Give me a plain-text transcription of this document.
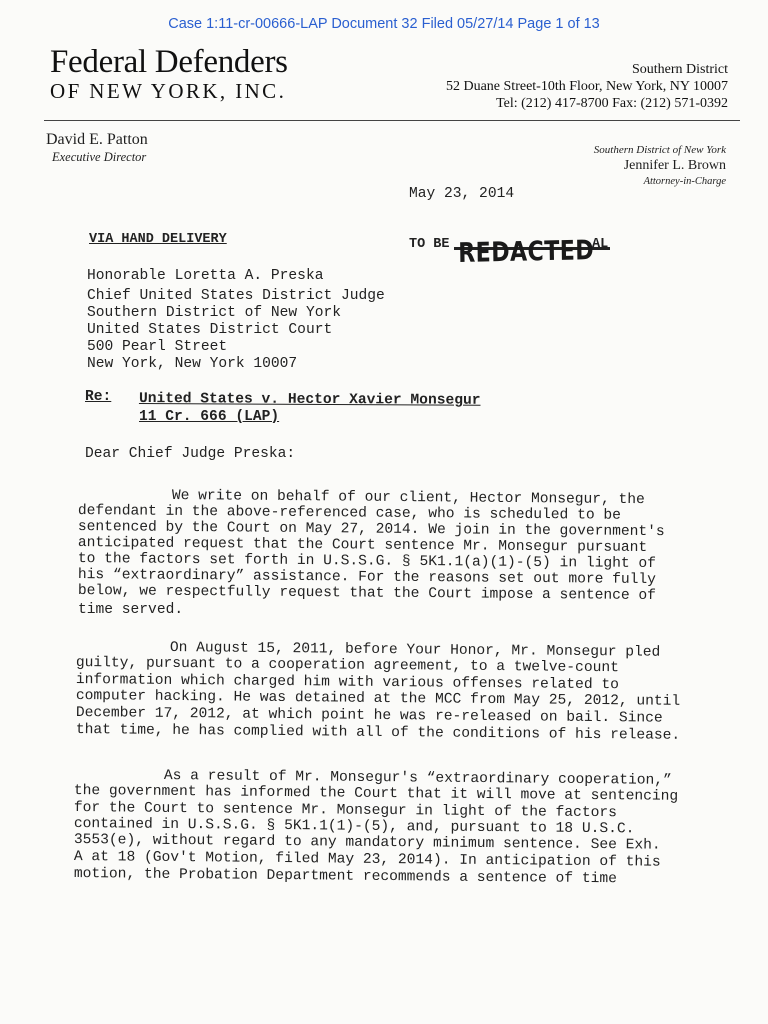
Case 1:11-cr-00666-LAP Document 32 Filed 05/27/14 Page 1 of 13
Federal Defenders
OF NEW YORK, INC.
Southern District
52 Duane Street-10th Floor, New York, NY 10007
Tel: (212) 417-8700 Fax: (212) 571-0392
David E. Patton
Executive Director	Southern District of New York
Jennifer L. Brown
Attorney-in-Charge
May 23, 2014
VIA HAND DELIVERY	TO BE	AL
REDACTED
Honorable Loretta A. Preska
Chief United States District Judge
Southern District of New York
United States District Court
500 Pearl Street
New York, New York 10007
Re: United States v. Hector Xavier Monsegur
11 Cr. 666 (LAP)
Dear Chief Judge Preska:
We write on behalf of our client, Hector Monsegur, the
defendant in the above-referenced case, who is scheduled to be
sentenced by the Court on May 27, 2014. We join in the government's
anticipated request that the Court sentence Mr. Monsegur pursuant
to the factors set forth in U.S.S.G. § 5K1.1(a)(1)-(5) in light of
his “extraordinary” assistance. For the reasons set out more fully
below, we respectfully request that the Court impose a sentence of
time served.
On August 15, 2011, before Your Honor, Mr. Monsegur pled
guilty, pursuant to a cooperation agreement, to a twelve-count
information which charged him with various offenses related to
computer hacking. He was detained at the MCC from May 25, 2012, until
December 17, 2012, at which point he was re-released on bail. Since
that time, he has complied with all of the conditions of his release.
As a result of Mr. Monsegur's “extraordinary cooperation,”
the government has informed the Court that it will move at sentencing
for the Court to sentence Mr. Monsegur in light of the factors
contained in U.S.S.G. § 5K1.1(1)-(5), and, pursuant to 18 U.S.C.
3553(e), without regard to any mandatory minimum sentence. See Exh.
A at 18 (Gov't Motion, filed May 23, 2014). In anticipation of this
motion, the Probation Department recommends a sentence of time
